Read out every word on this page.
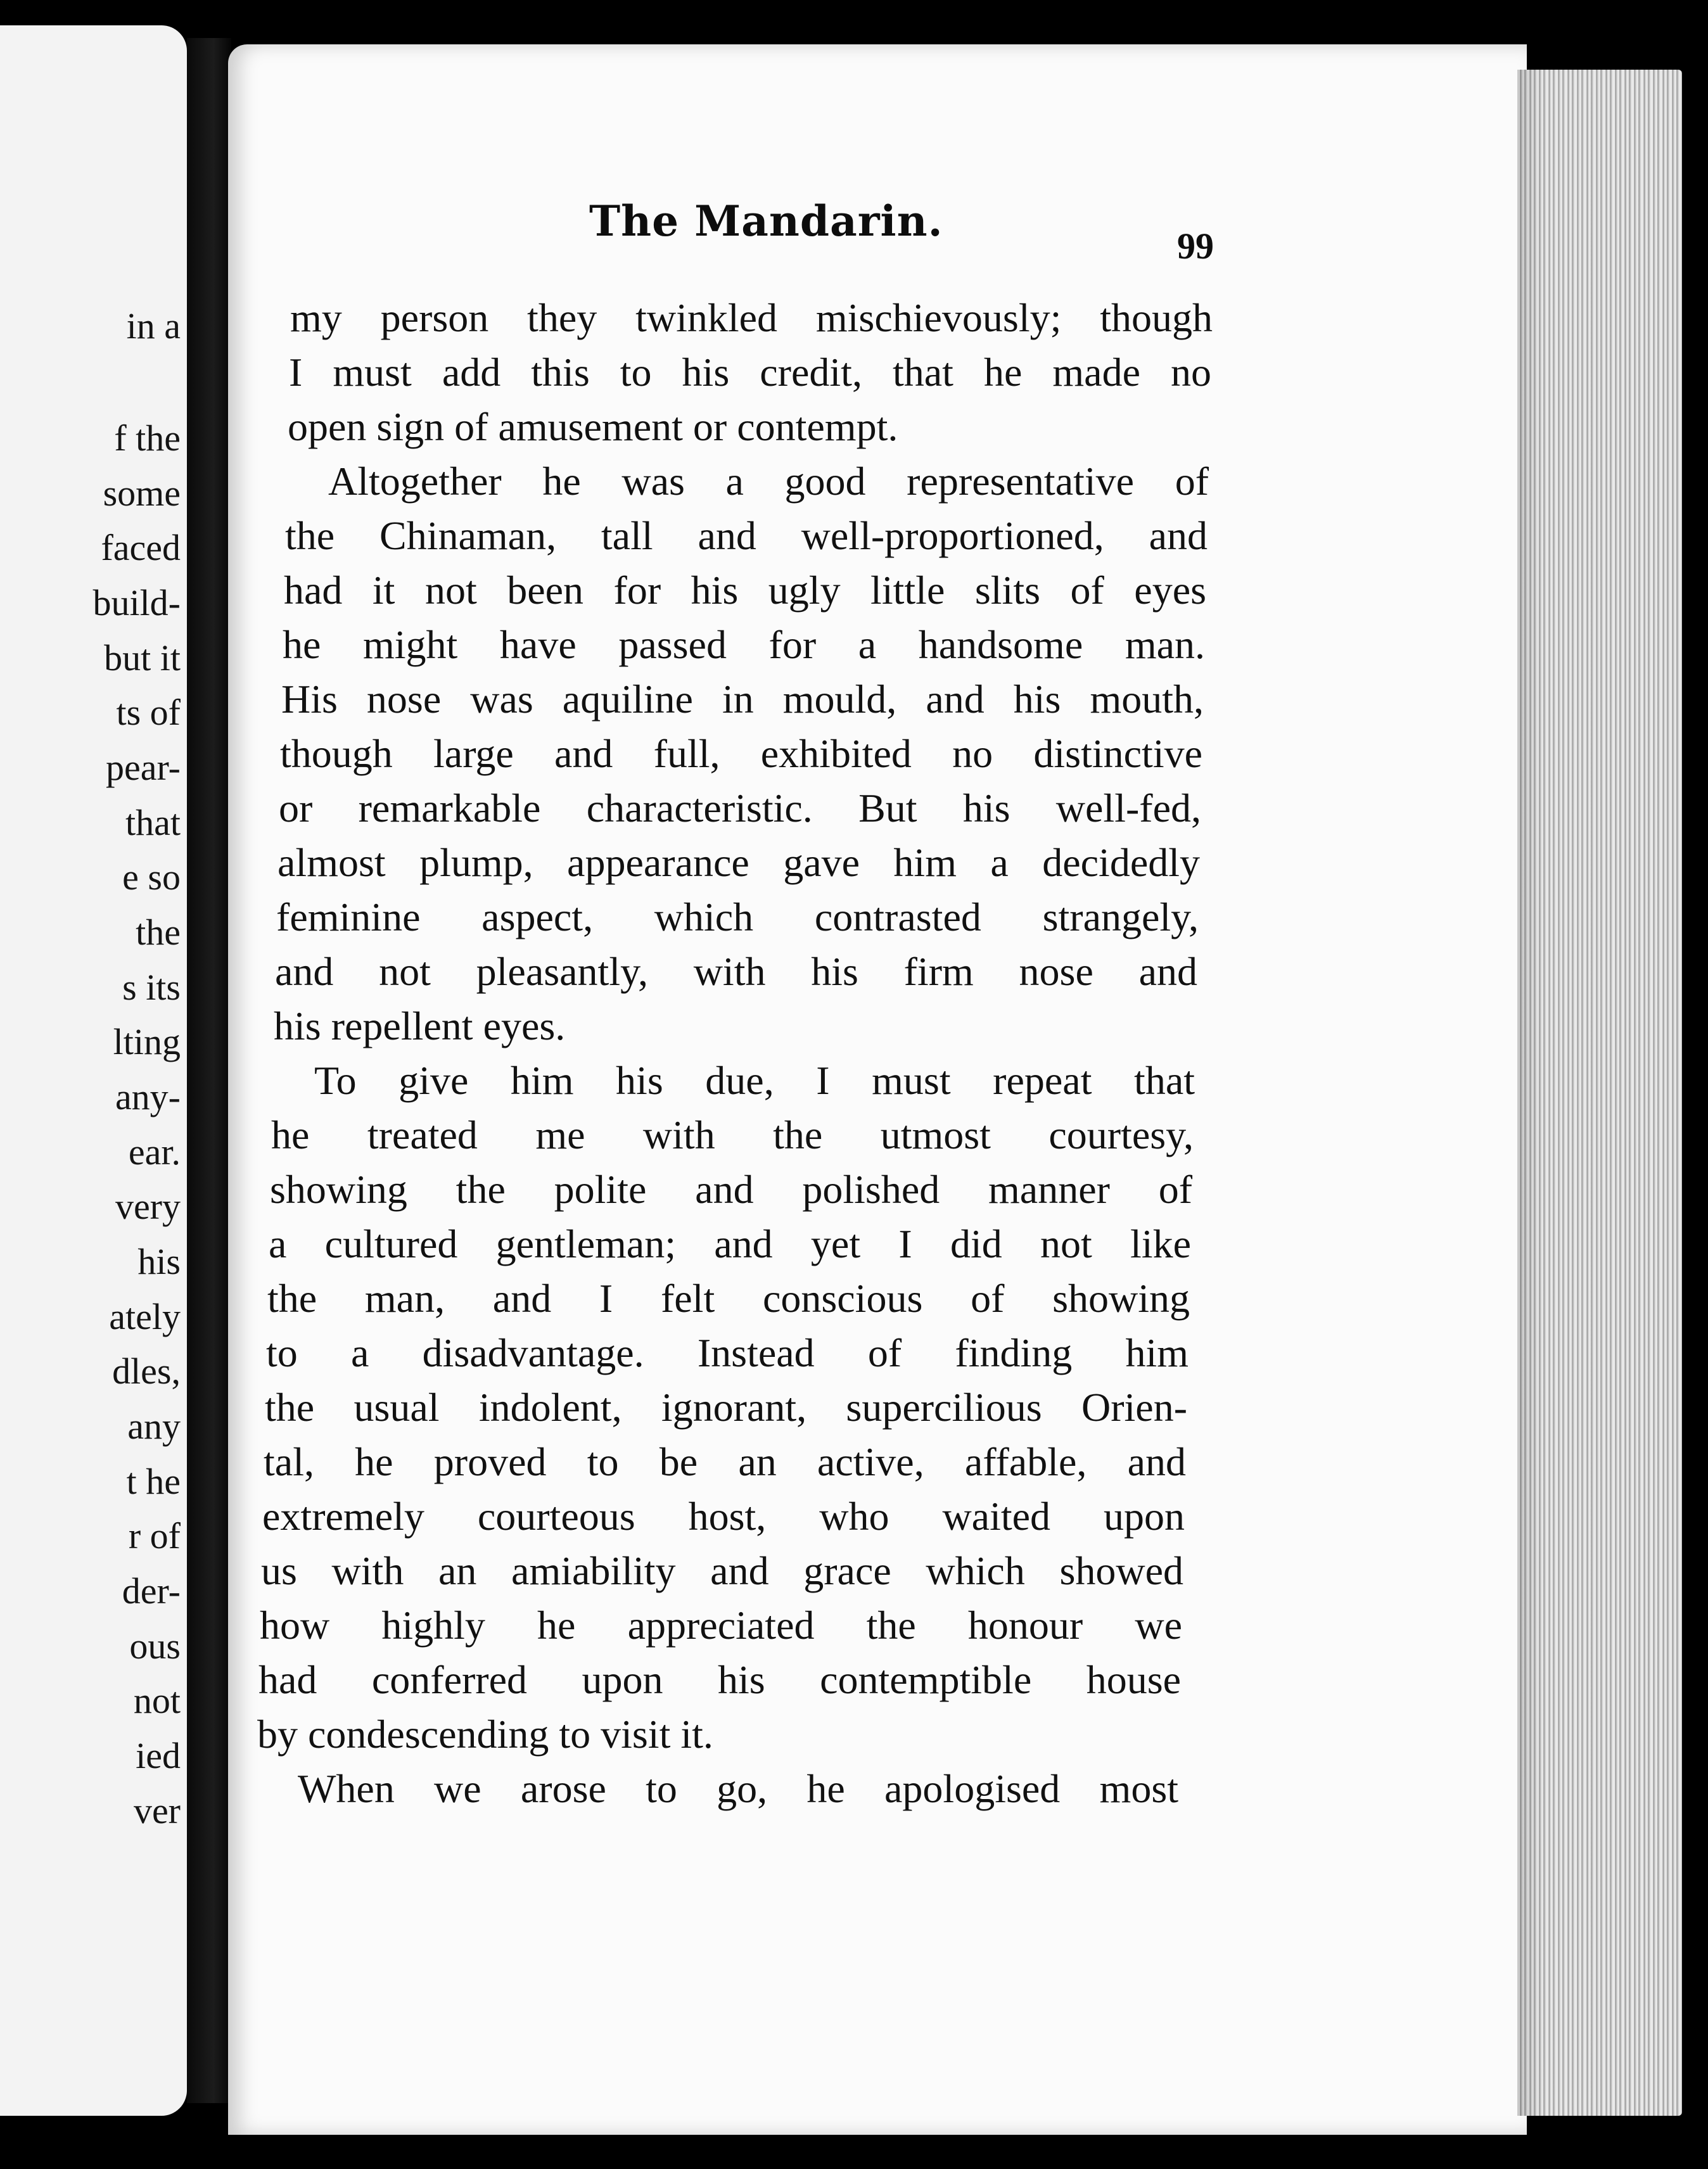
in a
f the
some
faced
build-
but it
ts of
pear-
that
e so
the
s its
lting
any-
ear.
very
his
ately
dles,
any
t he
r of
der-
ous
not
ied
ver
The Mandarin.
99
my person they twinkled mischievously; though
I must add this to his credit, that he made no
open sign of amusement or contempt.
Altogether he was a good representative of
the Chinaman, tall and well-proportioned, and
had it not been for his ugly little slits of eyes
he might have passed for a handsome man.
His nose was aquiline in mould, and his mouth,
though large and full, exhibited no distinctive
or remarkable characteristic. But his well-fed,
almost plump, appearance gave him a decidedly
feminine aspect, which contrasted strangely,
and not pleasantly, with his firm nose and
his repellent eyes.
To give him his due, I must repeat that
he treated me with the utmost courtesy,
showing the polite and polished manner of
a cultured gentleman; and yet I did not like
the man, and I felt conscious of showing
to a disadvantage. Instead of finding him
the usual indolent, ignorant, supercilious Orien-
tal, he proved to be an active, affable, and
extremely courteous host, who waited upon
us with an amiability and grace which showed
how highly he appreciated the honour we
had conferred upon his contemptible house
by condescending to visit it.
When we arose to go, he apologised most
